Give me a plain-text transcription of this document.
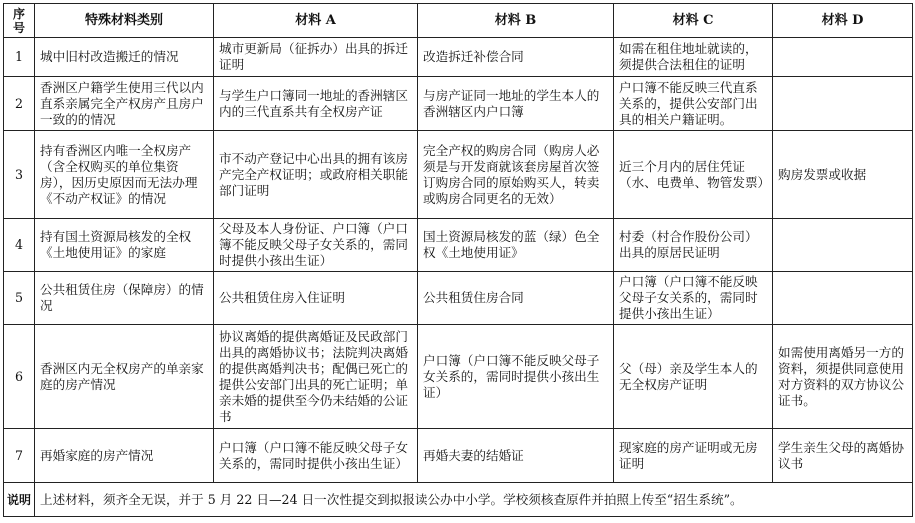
序号	特殊材料类别	材料 A	材料 B	材料 C	材料 D
1	城中旧村改造搬迁的情况	城市更新局（征拆办）出具的拆迁证明	改造拆迁补偿合同	如需在租住地址就读的，须提供合法租住的证明	
2	香洲区户籍学生使用三代以内直系亲属完全产权房产且房户一致的的情况	与学生户口簿同一地址的香洲辖区内的三代直系共有全权房产证	与房产证同一地址的学生本人的香洲辖区内户口簿	户口簿不能反映三代直系关系的，提供公安部门出具的相关户籍证明。	
3	持有香洲区内唯一全权房产（含全权购买的单位集资房），因历史原因而无法办理《不动产权证》的情况	市不动产登记中心出具的拥有该房产完全产权证明；或政府相关职能部门证明	完全产权的购房合同（购房人必须是与开发商就该套房屋首次签订购房合同的原始购买人，转卖或购房合同更名的无效）	近三个月内的居住凭证（水、电费单、物管发票）	购房发票或收据
4	持有国土资源局核发的全权《土地使用证》的家庭	父母及本人身份证、户口簿（户口簿不能反映父母子女关系的，需同时提供小孩出生证）	国土资源局核发的蓝（绿）色全权《土地使用证》	村委（村合作股份公司）出具的原居民证明	
5	公共租赁住房（保障房）的情况	公共租赁住房入住证明	公共租赁住房合同	户口簿（户口簿不能反映父母子女关系的，需同时提供小孩出生证）	
6	香洲区内无全权房产的单亲家庭的房产情况	协议离婚的提供离婚证及民政部门出具的离婚协议书；法院判决离婚的提供离婚判决书；配偶已死亡的提供公安部门出具的死亡证明；单亲未婚的提供至今仍未结婚的公证书	户口簿（户口簿不能反映父母子女关系的，需同时提供小孩出生证）	父（母）亲及学生本人的无全权房产证明	如需使用离婚另一方的资料，须提供同意使用对方资料的双方协议公证书。
7	再婚家庭的房产情况	户口簿（户口簿不能反映父母子女关系的，需同时提供小孩出生证）	再婚夫妻的结婚证	现家庭的房产证明或无房证明	学生亲生父母的离婚协议书
说明	上述材料，须齐全无误，并于 5 月 22 日—24 日一次性提交到拟报读公办中小学。学校须核查原件并拍照上传至“招生系统”。				
